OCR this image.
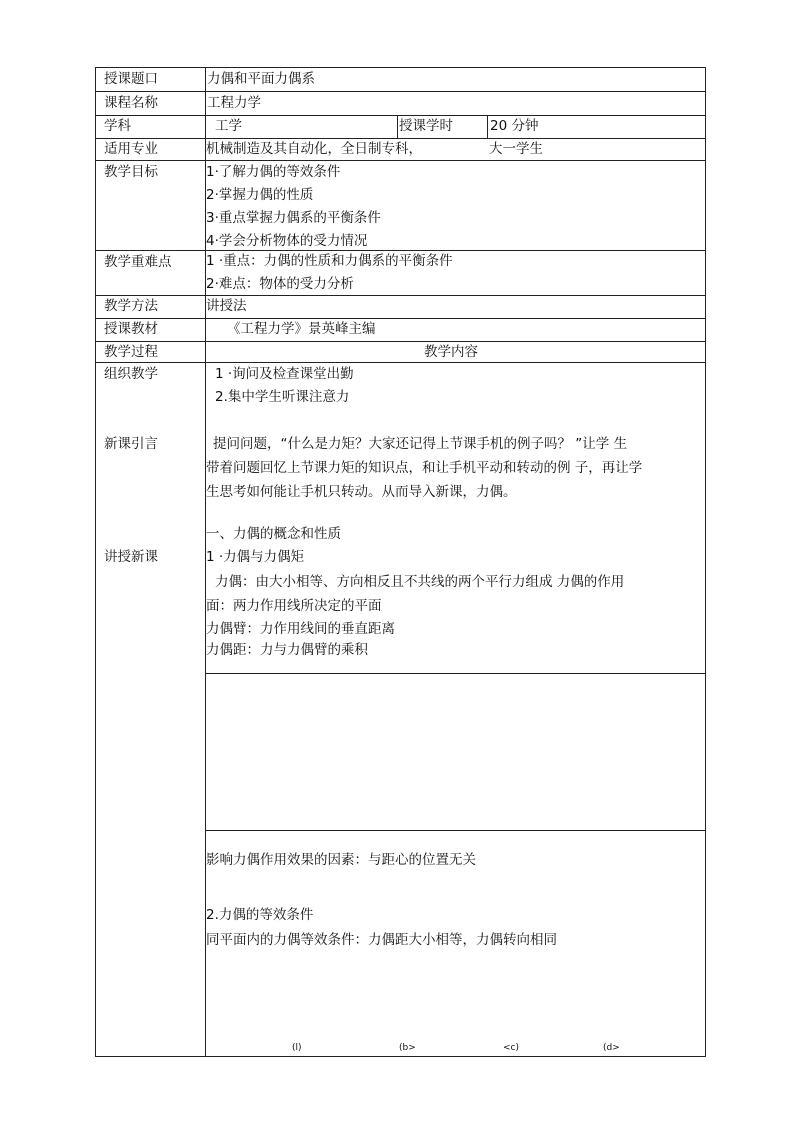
授课题口	力偶和平面力偶系
课程名称	工程力学
学科	工学	授课学时	20 分钟
适用专业	机械制造及其自动化，全日制专科，	大一学生
教学目标	1·了解力偶的等效条件
2·掌握力偶的性质
3·重点掌握力偶系的平衡条件
4·学会分析物体的受力情况
教学重难点	1 ·重点：力偶的性质和力偶系的平衡条件
2·难点：物体的受力分析
教学方法	讲授法
授课教材	《工程力学》景英峰主编
教学过程	教学内容
组织教学	1 ·询问及检查课堂出勤
2.集中学生听课注意力
新课引言	提问问题，“什么是力矩？大家还记得上节课手机的例子吗？ ”让学 生
带着问题回忆上节课力矩的知识点，和让手机平动和转动的例 子，再让学
生思考如何能让手机只转动。从而导入新课，力偶。
讲授新课
一、力偶的概念和性质
1 ·力偶与力偶矩
力偶：由大小相等、方向相反且不共线的两个平行力组成 力偶的作用
面：两力作用线所决定的平面
力偶臂：力作用线间的垂直距离
力偶距：力与力偶臂的乘积
影响力偶作用效果的因素：与距心的位置无关
2.力偶的等效条件
同平面内的力偶等效条件：力偶距大小相等，力偶转向相同
(l)	(b>	<c)	(d>
